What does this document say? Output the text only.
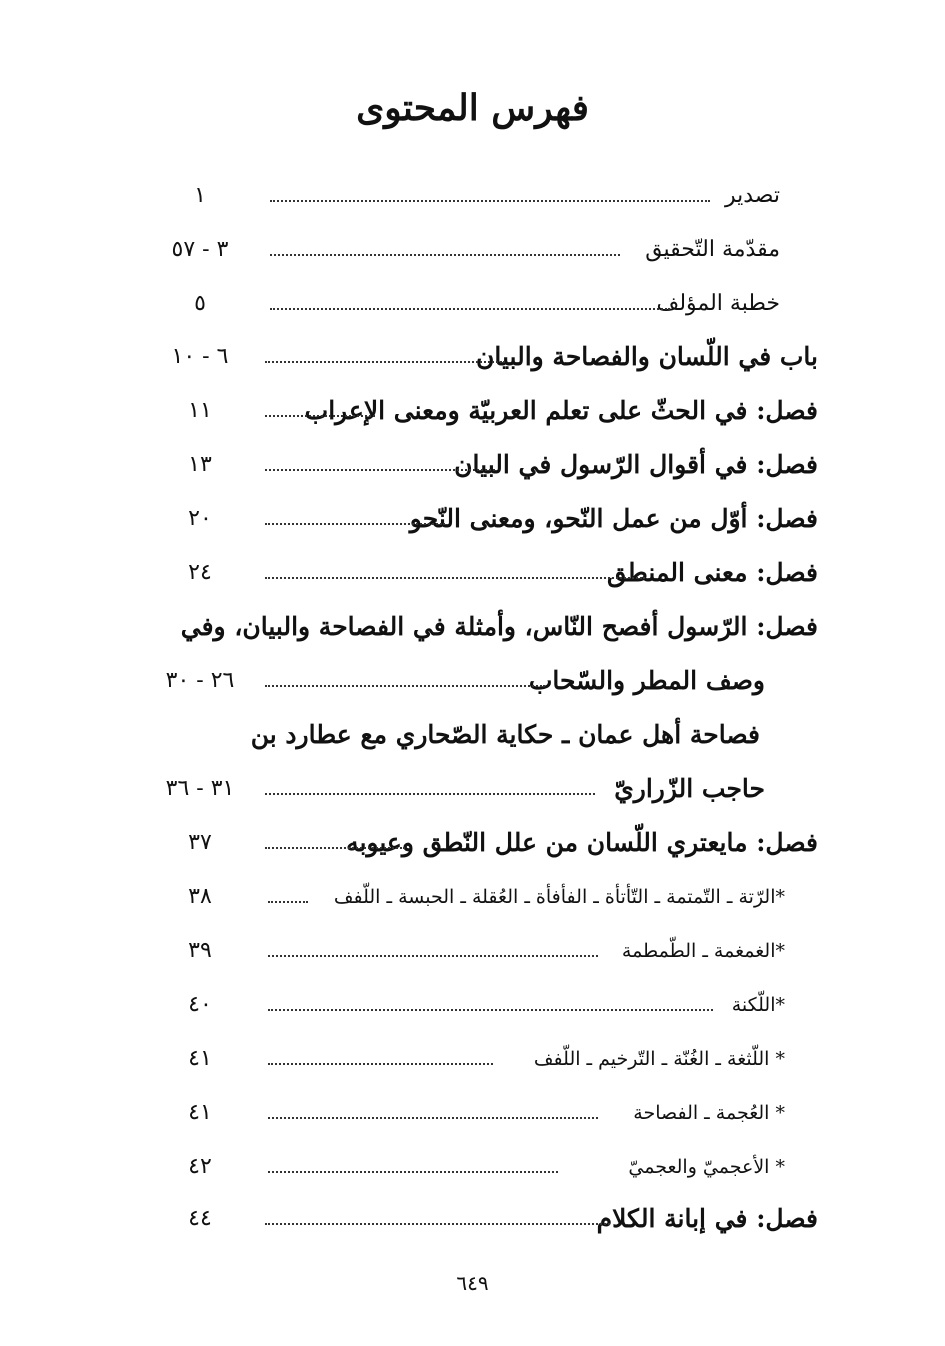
فهرس المحتوى
تصدير
١
مقدّمة التّحقيق
٣ - ٥٧
خطبة المؤلف
٥
باب في اللّسان والفصاحة والبيان
٦ - ١٠
فصل: في الحثّ على تعلم العربيّة ومعنى الإعراب
١١
فصل: في أقوال الرّسول في البيان
١٣
فصل: أوّل من عمل النّحو، ومعنى النّحو
٢٠
فصل: معنى المنطق
٢٤
فصل: الرّسول أفصح النّاس، وأمثلة في الفصاحة والبيان، وفي
وصف المطر والسّحاب
٢٦ - ٣٠
فصاحة أهل عمان ـ حكاية الصّحاري مع عطارد بن
حاجب الزّراريّ
٣١ - ٣٦
فصل: مايعتري اللّسان من علل النّطق وعيوبه
٣٧
*الرّتة ـ التّمتمة ـ التّأتأة ـ الفأفأة ـ العُقلة ـ الحبسة ـ اللّفف
٣٨
*الغمغمة ـ الطّمطمة
٣٩
*اللّكنة
٤٠
* اللّثغة ـ الغُنّة ـ التّرخيم ـ اللّفف
٤١
* العُجمة ـ الفصاحة
٤١
* الأعجميّ والعجميّ
٤٢
فصل: في إبانة الكلام
٤٤
٦٤٩
